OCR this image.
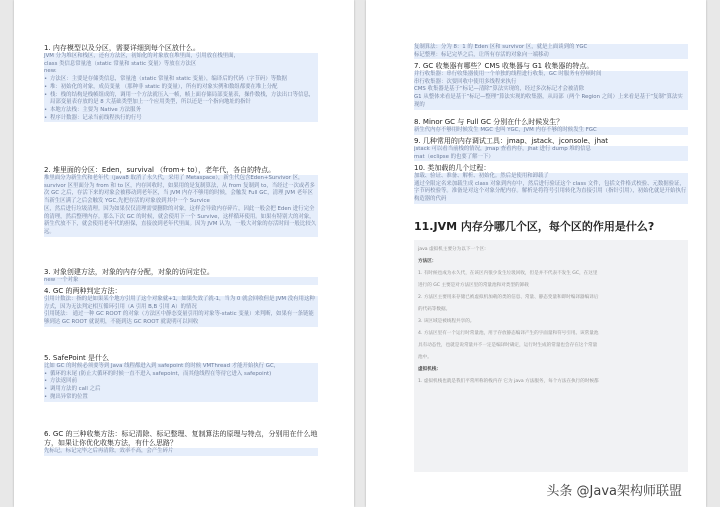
1. 内存模型以及分区，需要详细到每个区放什么。

JVM 分为堆区和栈区，还有方法区，初始化的对象放在堆里面，引用放在栈里面，

class 类信息常量池（static 常量和 static 变量）等放在方法区

new:

• 方法区：主要是存储类信息，常量池（static 常量和 static 变量），编译后的代码（字节码）等数据

• 堆：初始化的对象，成员变量 （那种非 static 的变量），所有的对象实例和数组都要在堆上分配

• 栈：栈的结构是栈帧组成的，调用一个方法就压入一帧，帧上面存储局部变量表，操作数栈，方法出口等信息，局部变量表存放的是 8 大基础类型加上一个应用类型，所以还是一个指向地址的指针

• 本地方法栈：主要为 Native 方法服务

• 程序计数器：记录当前线程执行的行号

2. 堆里面的分区：Eden，survival （from+ to），老年代，各自的特点。

堆里面分为新生代和老年代（java8 取消了永久代，采用了 Metaspace），新生代包含Eden+Survivor 区，survivor 区里面分为 from 和 to 区，内存回收时，如果用的是复制算法，从 from 复制到 to，当经过一次或者多次 GC 之后，存活下来的对象会被移动到老年区，当 JVM 内存不够用的时候，会触发 Full GC，清理 JVM 老年区

当新生区满了之后会触发 YGC,先把存活的对象放到其中一个 Survice

区，然后进行垃圾清理。因为如果仅仅清理需要删除的对象，这样会导致内存碎片，因此一般会把 Eden 进行完全的清理，然后整理内存。那么下次 GC 的时候，就会使用下一个 Survive，这样循环使用。如果有特别大的对象，新生代放不下，就会使用老年代的担保，直接放到老年代里面。因为 JVM 认为，一般大对象的存活时间一般比较久远。

3. 对象创建方法，对象的内存分配，对象的访问定位。

new 一个对象

4. GC 的两种判定方法：

引用计数法：指的是如果某个地方引用了这个对象就+1，如果失效了就-1，当为 0 就会回收但是 JVM 没有用这种方式，因为无法判定相互循环引用（A 引用 B,B 引用 A）的情况

引用链法： 通过一种 GC ROOT 的对象（方法区中静态变量引用的对象等-static 变量）来判断，如果有一条链能够到达 GC ROOT 就说明，不能到达 GC ROOT 就说明可以回收

5. SafePoint 是什么

比如 GC 的时候必须要等到 Java 线程都进入到 safepoint 的时候 VMThread 才能开始执行 GC，

• 循环的末尾 (防止大循环的时候一直不进入 safepoint，而其他线程在等待它进入 safepoint)

• 方法返回前

• 调用方法的 call 之后

• 抛出异常的位置

6. GC 的三种收集方法：标记清除、标记整理、复制算法的原理与特点，分别用在什么地方，如果让你优化收集方法，有什么思路？

先标记，标记完毕之后再清除，效率不高，会产生碎片

复制算法：分为 8：1 的 Eden 区和 survivor 区，就是上面谈到的 YGC

标记整理：标记完毕之后，让所有存活的对象向一端移动

7. GC 收集器有哪些？CMS 收集器与 G1 收集器的特点。

并行收集器：串行收集器使用一个单独的线程进行收集，GC 时服务有停顿时间

串行收集器：次要回收中使用多线程来执行

CMS 收集器是基于“标记—清除”算法实现的，经过多次标记才会被清除

G1 从整体来看是基于“标记—整理”算法实现的收集器，从局部（两个 Region 之间）上来看是基于“复制”算法实现的

8. Minor GC 与 Full GC 分别在什么时候发生？

新生代内存不够用时候发生 MGC 也叫 YGC，JVM 内存不够的时候发生 FGC

9. 几种常用的内存调试工具：jmap、jstack、jconsole、jhat

jstack 可以看当前栈的情况，jmap 查看内存，jhat 进行 dump 堆的信息

mat（eclipse 的也要了解一下）

10. 类加载的几个过程：

加载、验证、准备、解析、初始化。然后是使用和卸载了

通过全限定名来加载生成 class 对象到内存中，然后进行验证这个 class 文件，包括文件格式校验、元数据验证，字节码校验等。准备是对这个对象分配内存。解析是将符号引用转化为直接引用（指针引用），初始化就是开始执行构造器的代码

11.JVM 内存分哪几个区，每个区的作用是什么?

java 虚拟机主要分为以下一个区:

方法区：

1. 有时候也成为永久代，在该区内很少发生垃圾回收，但是并不代表不发生 GC，在这里

进行的 GC 主要是对方法区里的常量池和对类型的卸载

2. 方法区主要用来存储已被虚拟机加载的类的信息、常量、静态变量和即时编译器编译后

的代码等数据。

3. 该区域是被线程共享的。

4. 方法区里有一个运行时常量池，用于存放静态编译产生的字面量和符号引用。该常量池

具有动态性，也就是说常量并不一定是编译时确定，运行时生成的常量也会存在这个常量

池中。

虚拟机栈：

1. 虚拟机栈也就是我们平常所称的栈内存 它为 java 方法服务，每个方法在执行的时候都

头条 @Java架构师联盟
